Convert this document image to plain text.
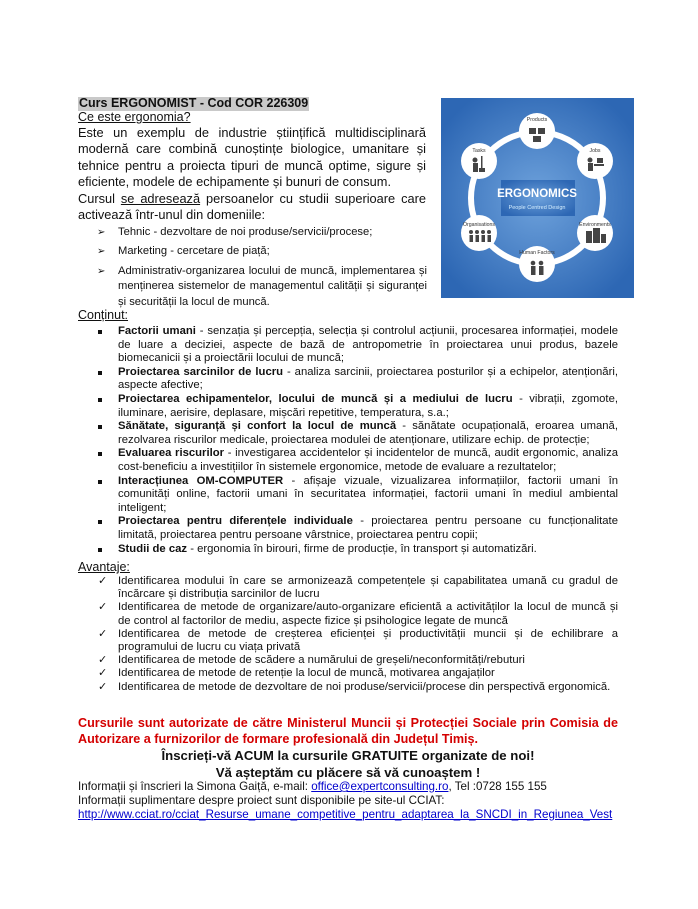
Curs ERGONOMIST - Cod COR 226309
Ce este ergonomia?

Este un exemplu de industrie științifică multidisciplinară

modernă care combină cunoștințe biologice, umanitare și

tehnice pentru a proiecta tipuri de muncă optime, sigure și

eficiente, modele de echipamente și bunuri de consum.

Cursul se adresează persoanelor cu studii superioare care

activează într-unul din domeniile:

➢ Tehnic - dezvoltare de noi produse/servicii/procese;
➢ Marketing - cercetare de piață;
➢ Administrativ-organizarea locului de muncă, implementarea și menținerea sistemelor de managementul calității și siguranței și securității la locul de muncă.
ERGONOMICS
People Centred Design
Products
Jobs
Environments
Human Factors
Organisations
Tasks
Conținut:
Factorii umani - senzația și percepția, selecția și controlul acțiunii, procesarea informației, modele de luare a deciziei, aspecte de bază de antropometrie în proiectarea unui produs, bazele biomecanicii și a proiectării locului de muncă;
Proiectarea sarcinilor de lucru - analiza sarcinii, proiectarea posturilor și a echipelor, atenționări, aspecte afective;
Proiectarea echipamentelor, locului de muncă și a mediului de lucru - vibrații, zgomote, iluminare, aerisire, deplasare, mișcări repetitive, temperatura, s.a.;
Sănătate, siguranță și confort la locul de muncă - sănătate ocupațională, eroarea umană, rezolvarea riscurilor medicale, proiectarea modulei de atenționare, utilizare echip. de protecție;
Evaluarea riscurilor - investigarea accidentelor și incidentelor de muncă, audit ergonomic, analiza cost-beneficiu a investițiilor în sistemele ergonomice, metode de evaluare a rezultatelor;
Interacțiunea OM-COMPUTER - afișaje vizuale, vizualizarea informațiilor, factorii umani în comunități online, factorii umani în securitatea informației, factorii umani în mediul ambiental inteligent;
Proiectarea pentru diferențele individuale - proiectarea pentru persoane cu funcționalitate limitată, proiectarea pentru persoane vârstnice, proiectarea pentru copii;
Studii de caz - ergonomia în birouri, firme de producție, în transport și automatizări.
Avantaje:
✓ Identificarea modului în care se armonizează competențele și capabilitatea umană cu gradul de încărcare și distribuția sarcinilor de lucru
✓ Identificarea de metode de organizare/auto-organizare eficientă a activităților la locul de muncă și de control al factorilor de mediu, aspecte fizice și psihologice legate de muncă
✓ Identificarea de metode de creșterea eficienței și productivității muncii și de echilibrare a programului de lucru cu viața privată
✓ Identificarea de metode de scădere a numărului de greșeli/neconformități/rebuturi
✓ Identificarea de metode de retenție la locul de muncă, motivarea angajaților
✓ Identificarea de metode de dezvoltare de noi produse/servicii/procese din perspectivă ergonomică.
Cursurile sunt autorizate de către Ministerul Muncii și Protecției Sociale prin Comisia de Autorizare a furnizorilor de formare profesională din Județul Timiș.
Înscrieți-vă ACUM la cursurile GRATUITE organizate de noi!
Vă așteptăm cu plăcere să vă cunoaștem !
Informații și înscrieri la Simona Gaiță, e-mail: office@expertconsulting.ro, Tel :0728 155 155
Informații suplimentare despre proiect sunt disponibile pe site-ul CCIAT:
http://www.cciat.ro/cciat_Resurse_umane_competitive_pentru_adaptarea_la_SNCDI_in_Regiunea_Vest
